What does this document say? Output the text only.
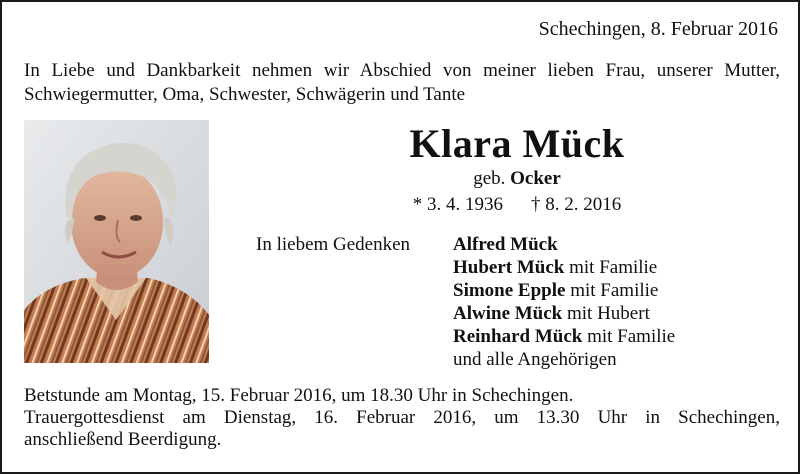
Schechingen, 8. Februar 2016
In Liebe und Dankbarkeit nehmen wir Abschied von meiner lieben Frau, unserer Mutter, Schwiegermutter, Oma, Schwester, Schwägerin und Tante
Klara Mück
geb. Ocker
* 3. 4. 1936 † 8. 2. 2016
In liebem Gedenken Alfred Mück
Hubert Mück mit Familie
Simone Epple mit Familie
Alwine Mück mit Hubert
Reinhard Mück mit Familie
und alle Angehörigen
Betstunde am Montag, 15. Februar 2016, um 18.30 Uhr in Schechingen.
Trauergottesdienst am Dienstag, 16. Februar 2016, um 13.30 Uhr in Schechingen,
anschließend Beerdigung.
